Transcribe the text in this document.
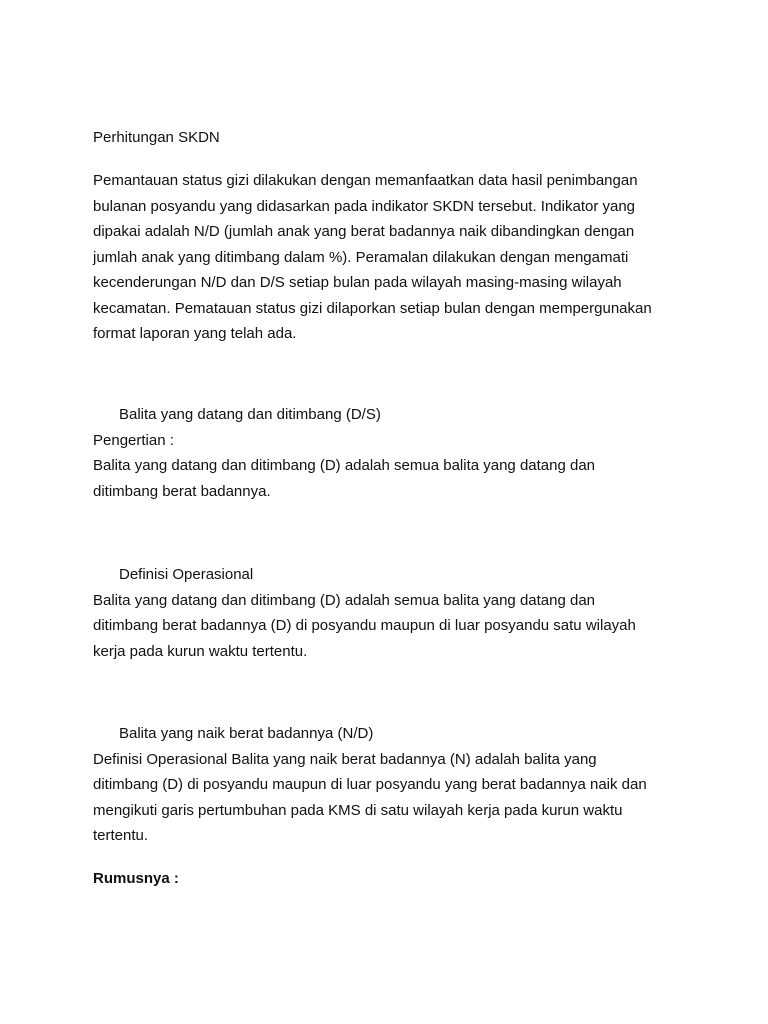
Perhitungan SKDN

Pemantauan status gizi dilakukan dengan memanfaatkan data hasil penimbangan
bulanan posyandu yang didasarkan pada indikator SKDN tersebut. Indikator yang
dipakai adalah N/D (jumlah anak yang berat badannya naik dibandingkan dengan
jumlah anak yang ditimbang dalam %). Peramalan dilakukan dengan mengamati
kecenderungan N/D dan D/S setiap bulan pada wilayah masing-masing wilayah
kecamatan. Pematauan status gizi dilaporkan setiap bulan dengan mempergunakan
format laporan yang telah ada.

Balita yang datang dan ditimbang (D/S)
Pengertian :
Balita yang datang dan ditimbang (D) adalah semua balita yang datang dan
ditimbang berat badannya.
Definisi Operasional
Balita yang datang dan ditimbang (D) adalah semua balita yang datang dan
ditimbang berat badannya (D) di posyandu maupun di luar posyandu satu wilayah
kerja pada kurun waktu tertentu.
Balita yang naik berat badannya (N/D)
Definisi Operasional Balita yang naik berat badannya (N) adalah balita yang
ditimbang (D) di posyandu maupun di luar posyandu yang berat badannya naik dan
mengikuti garis pertumbuhan pada KMS di satu wilayah kerja pada kurun waktu
tertentu.

Rumusnya :
